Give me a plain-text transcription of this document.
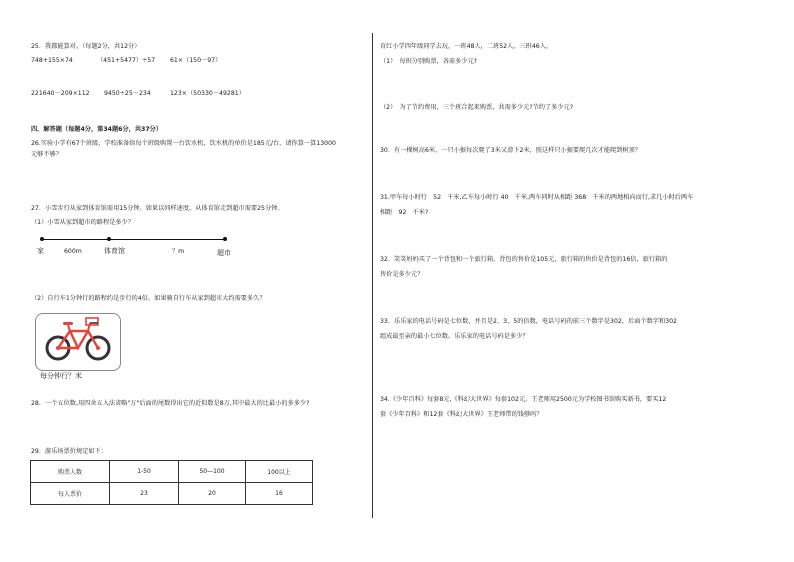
25．我都能算对。（每题2分，共12分）
748+155×74	（451+5477）÷57 61×（150－97）
221640－209×112 9450÷25－234	123×（50330－49281）
四、解答题（每题4分，第34题6分，共37分）
26.实验小学有67个班级，学校准备给每个班级购置一台饮水机，饮水机的单价是185元/台，请你算一算13000
元够不够？
27．小雪步行从家到体育馆需用15分钟。如果以同样速度，从体育馆走到超市需要25分钟。
（1）小雪从家到超市的路程是多少？
家	600m	体育馆	？m	超市
（2）自行车1分钟行的路程约是步行的4倍。如果骑自行车从家到超市大约需要多久？
每分钟行？米
28．一个五位数,用四舍五入法省略"万"后面的尾数得出它的近似数是8万,其中最大的比最小的多多少?
29．游乐场票价规定如下：
购票人数	1-50	50—100	100以上
每人票价	23	20	16
育红小学四年级同学去玩，一班48人，二班52人，三班46人。
（1）　每班分别购票，各需多少元?
（2）　为了节约费用，三个班合起来购票，共需多少元?节约了多少元?
30．有一棵树高6米，一只小猴每次爬了3米又滑下2米，照这样只小猴要爬几次才能爬到树顶？
31.甲车每小时行　52　千米,乙车每小时行 40　千米,两车同时从相距 368　千米的两地相向而行,求几小时后两车
相距　92　千米?
32．笑笑妈妈买了一个背包和一个旅行箱，背包的售价是105元，旅行箱的售价是背包的16倍，旅行箱的
售价是多少元？
33．乐乐家的电话号码是七位数，并且是2、3、5的倍数，电话号码的前三个数字是302，后面个数字和302
组成最至亲的最小七位数。乐乐家的电话号码是多少？
34.《少年百科》每套8元,《科幻大世界》每套102元。王老师用2500元为学校图书馆购买新书，要买12
套《少年百科》和12套《科幻大世界》王老师带的钱够吗？
